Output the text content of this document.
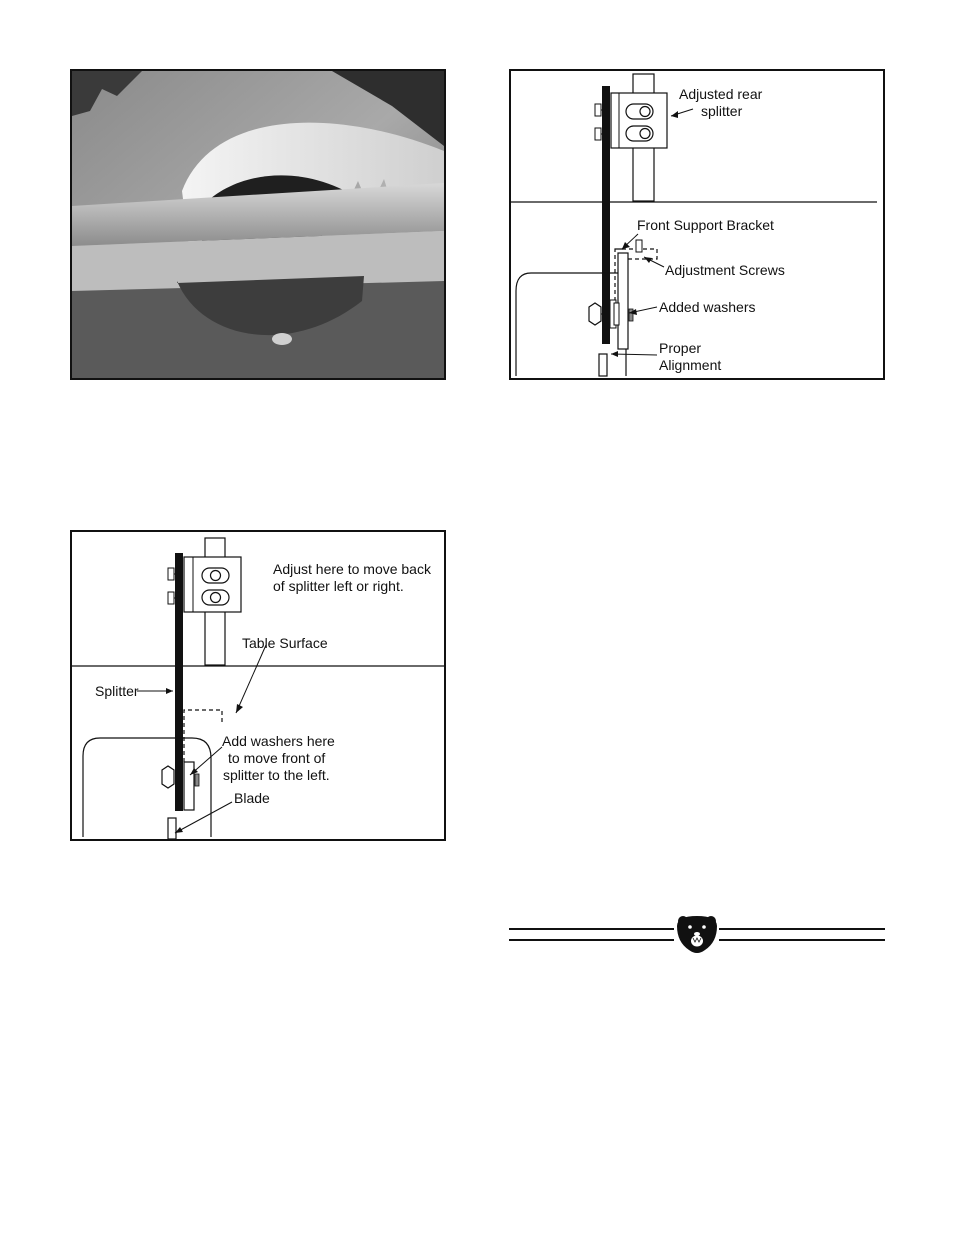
Adjusted rear
splitter
Front Support Bracket
Adjustment Screws
Added washers
Proper
Alignment
Adjust here to move back
of splitter left or right.
Table Surface
Splitter
Add washers here
to move front of
splitter to the left.
Blade
